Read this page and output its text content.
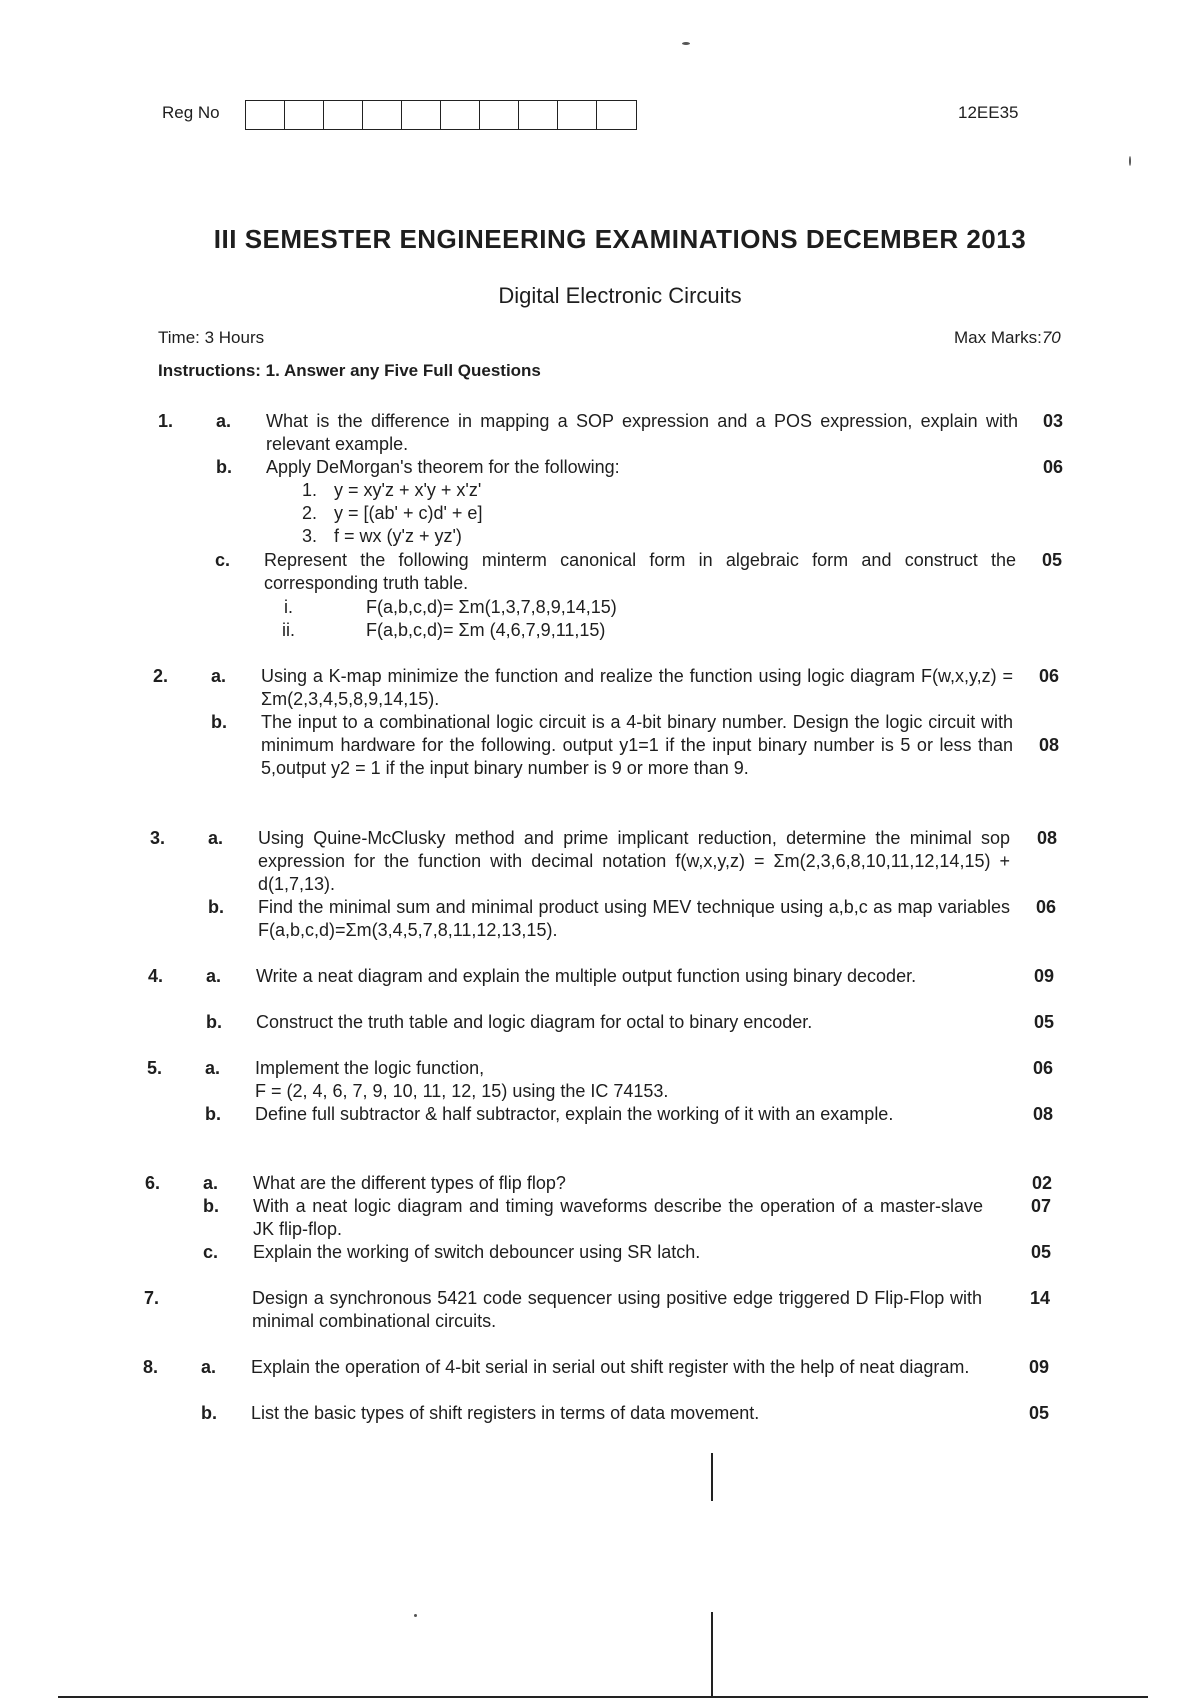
Reg No	12EE35
III SEMESTER ENGINEERING EXAMINATIONS DECEMBER 2013
Digital Electronic Circuits
Time: 3 Hours	Max Marks:70
Instructions: 1. Answer any Five Full Questions
1. a. What is the difference in mapping a SOP expression and a POS expression, explain with relevant example.
03
b. Apply DeMorgan's theorem for the following:	06
1. y = xy'z + x'y + x'z'
2. y = [(ab' + c)d' + e]
3. f = wx (y'z + yz')
c. Represent the following minterm canonical form in algebraic form and construct the corresponding truth table.
05
i.	F(a,b,c,d)= Σm(1,3,7,8,9,14,15)
ii.	F(a,b,c,d)= Σm (4,6,7,9,11,15)
2. a. Using a K-map minimize the function and realize the function using logic diagram F(w,x,y,z) = Σm(2,3,4,5,8,9,14,15).
06
b. The input to a combinational logic circuit is a 4-bit binary number. Design the logic circuit with minimum hardware for the following. output y1=1 if the input binary number is 5 or less than 5,output y2 = 1 if the input binary number is 9 or more than 9.
08
3. a. Using Quine-McClusky method and prime implicant reduction, determine the minimal sop expression for the function with decimal notation f(w,x,y,z) = Σm(2,3,6,8,10,11,12,14,15) + d(1,7,13).
08
b. Find the minimal sum and minimal product using MEV technique using a,b,c as map variables F(a,b,c,d)=Σm(3,4,5,7,8,11,12,13,15).
06
4. a. Write a neat diagram and explain the multiple output function using binary decoder.	09
b. Construct the truth table and logic diagram for octal to binary encoder.	05
5. a. Implement the logic function,
F = (2, 4, 6, 7, 9, 10, 11, 12, 15) using the IC 74153.
06
b. Define full subtractor & half subtractor, explain the working of it with an example.	08
6. a. What are the different types of flip flop?	02
b. With a neat logic diagram and timing waveforms describe the operation of a master-slave JK flip-flop.
07
c. Explain the working of switch debouncer using SR latch.	05
7.	Design a synchronous 5421 code sequencer using positive edge triggered D Flip-Flop with minimal combinational circuits.
14
8. a. Explain the operation of 4-bit serial in serial out shift register with the help of neat diagram.	09
b. List the basic types of shift registers in terms of data movement.	05
